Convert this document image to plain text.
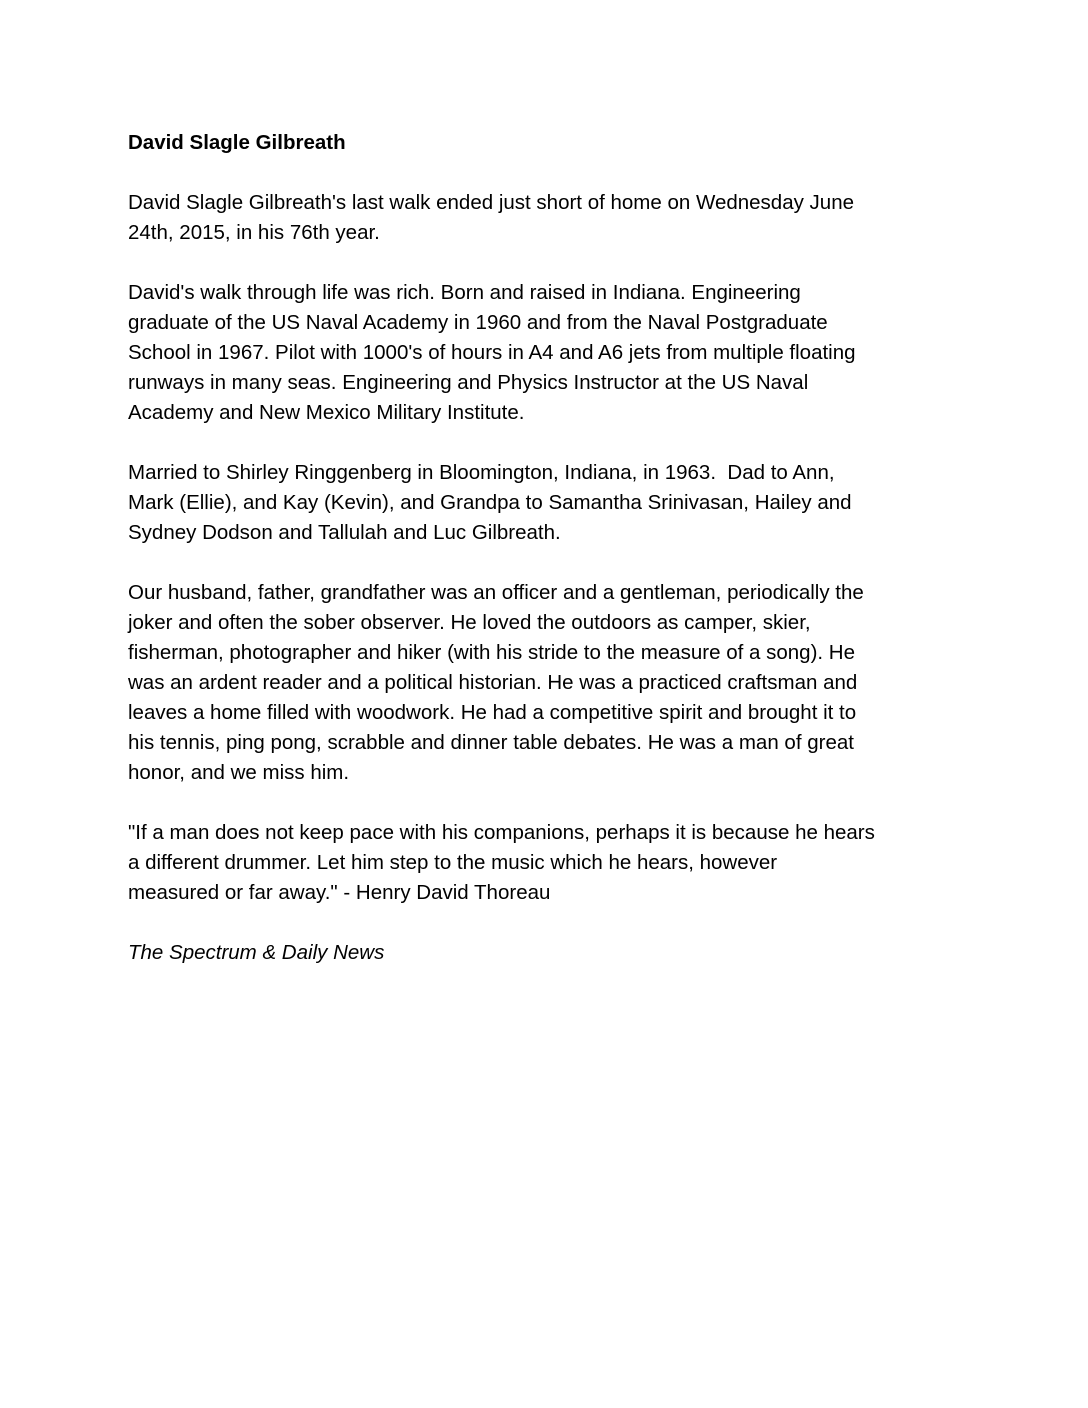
David Slagle Gilbreath
David Slagle Gilbreath's last walk ended just short of home on Wednesday June
24th, 2015, in his 76th year.
David's walk through life was rich. Born and raised in Indiana. Engineering
graduate of the US Naval Academy in 1960 and from the Naval Postgraduate
School in 1967. Pilot with 1000's of hours in A4 and A6 jets from multiple floating
runways in many seas. Engineering and Physics Instructor at the US Naval
Academy and New Mexico Military Institute.
Married to Shirley Ringgenberg in Bloomington, Indiana, in 1963.  Dad to Ann,
Mark (Ellie), and Kay (Kevin), and Grandpa to Samantha Srinivasan, Hailey and
Sydney Dodson and Tallulah and Luc Gilbreath.
Our husband, father, grandfather was an officer and a gentleman, periodically the
joker and often the sober observer. He loved the outdoors as camper, skier,
fisherman, photographer and hiker (with his stride to the measure of a song). He
was an ardent reader and a political historian. He was a practiced craftsman and
leaves a home filled with woodwork. He had a competitive spirit and brought it to
his tennis, ping pong, scrabble and dinner table debates. He was a man of great
honor, and we miss him.
"If a man does not keep pace with his companions, perhaps it is because he hears
a different drummer. Let him step to the music which he hears, however
measured or far away." - Henry David Thoreau
The Spectrum & Daily News
